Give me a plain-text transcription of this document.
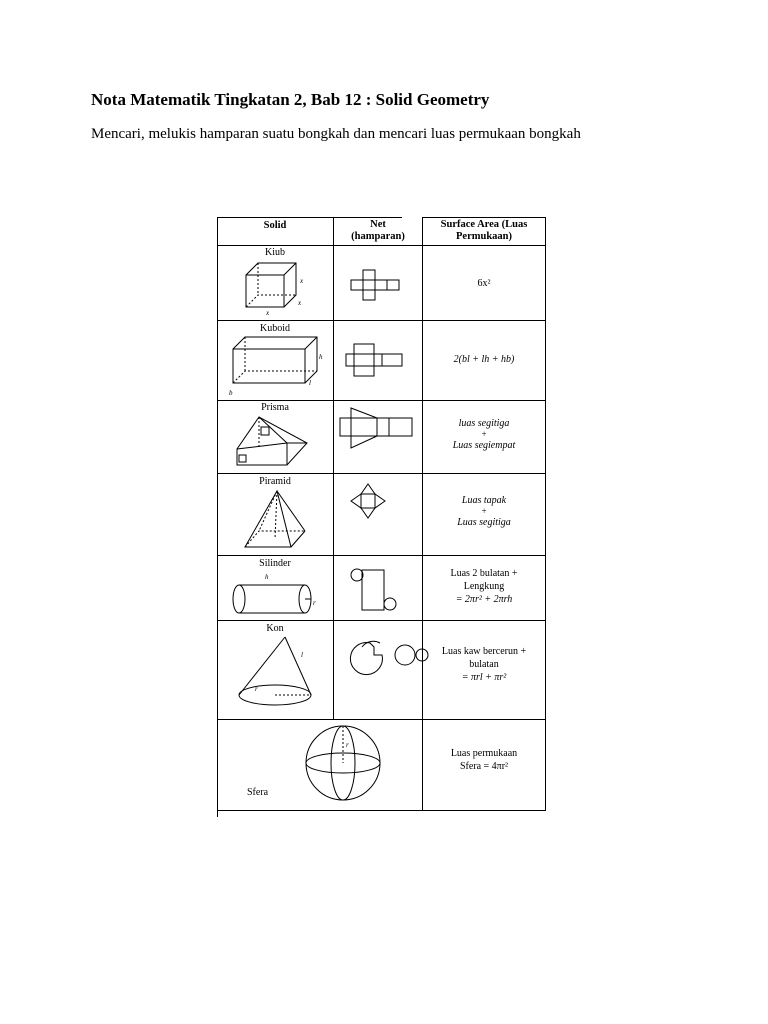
Nota Matematik Tingkatan 2, Bab 12 : Solid Geometry

Mencari, melukis hamparan suatu bongkah dan mencari luas permukaan bongkah

Solid	Net
(hamparan)
Surface Area (Luas
Permukaan)
Kiub
x
x
x
6x²
Kuboid
h
l
b
2(bl + lh + hb)
Prisma
luas segitiga
+
Luas segiempat
Piramid
Luas tapak
+
Luas segitiga
Silinder
h
r
Luas 2 bulatan +
Lengkung
= 2πr² + 2πrh
Kon
l
r
Luas kaw bercerun +
bulatan
= πrl + πr²
r
Sfera
Luas permukaan
Sfera = 4πr²
